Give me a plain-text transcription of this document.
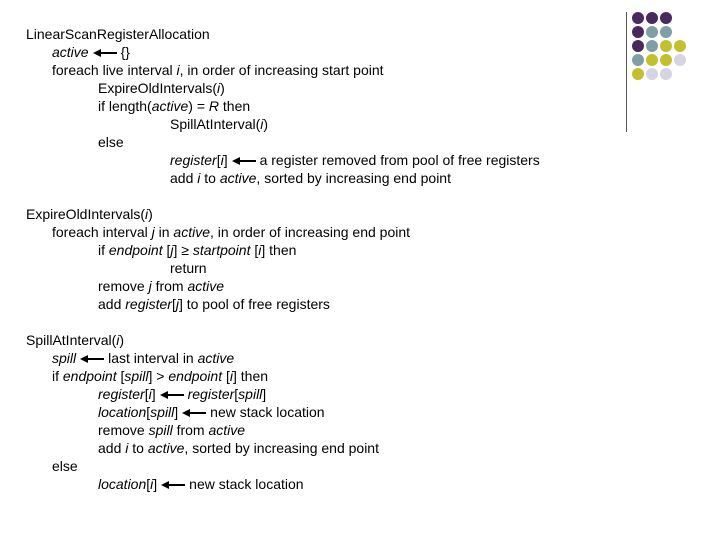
LinearScanRegisterAllocation
active {}
foreach live interval i, in order of increasing start point
ExpireOldIntervals(i)
if length(active) = R then
SpillAtInterval(i)
else
register[i] a register removed from pool of free registers
add i to active, sorted by increasing end point
ExpireOldIntervals(i)
foreach interval j in active, in order of increasing end point
if endpoint [j] ≥ startpoint [i] then
return
remove j from active
add register[j] to pool of free registers
SpillAtInterval(i)
spill last interval in active
if endpoint [spill] > endpoint [i] then
register[i] register[spill]
location[spill] new stack location
remove spill from active
add i to active, sorted by increasing end point
else
location[i] new stack location
